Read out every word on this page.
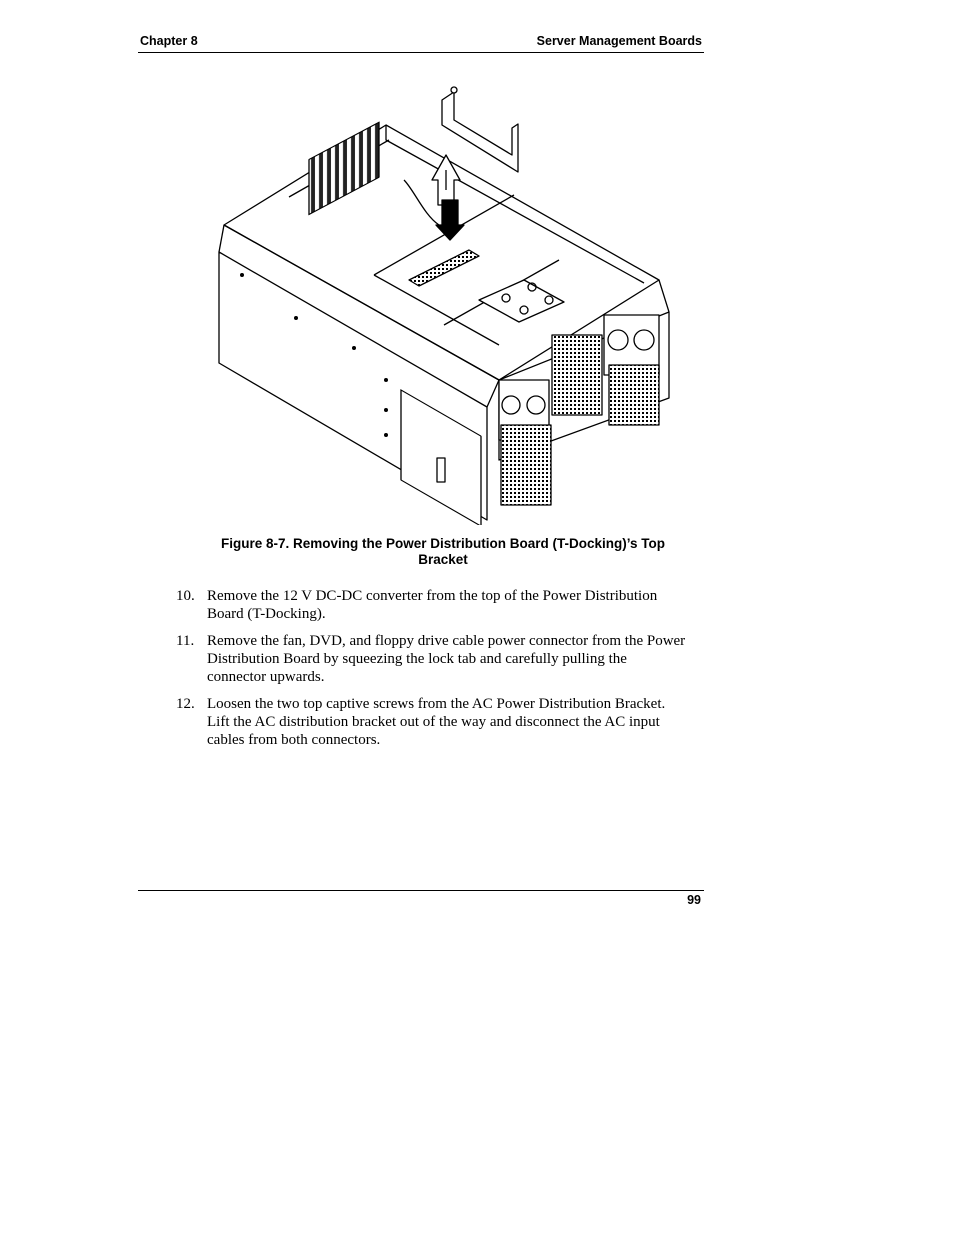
Chapter 8	Server Management Boards
Figure 8-7. Removing the Power Distribution Board (T-Docking)’s Top
Bracket
10. Remove the 12 V DC-DC converter from the top of the Power Distribution Board (T-Docking).
11. Remove the fan, DVD, and floppy drive cable power connector from the Power Distribution Board by squeezing the lock tab and carefully pulling the connector upwards.
12. Loosen the two top captive screws from the AC Power Distribution Bracket. Lift the AC distribution bracket out of the way and disconnect the AC input cables from both connectors.
99
